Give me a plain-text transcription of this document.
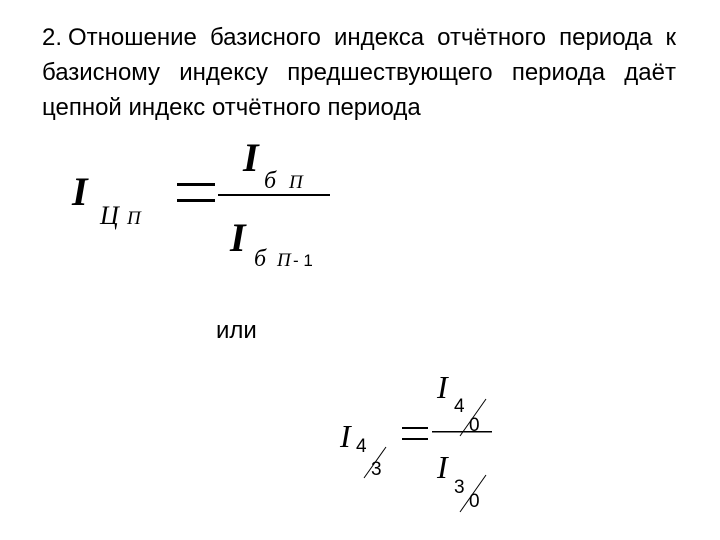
2. Отношение базисного индекса отчётного периода к базисному индексу предшествующего периода даёт цепной индекс отчётного периода

I
Ц П
I
б П
I б П - 1
или
I 4
3
I
4
0
I
3
0
